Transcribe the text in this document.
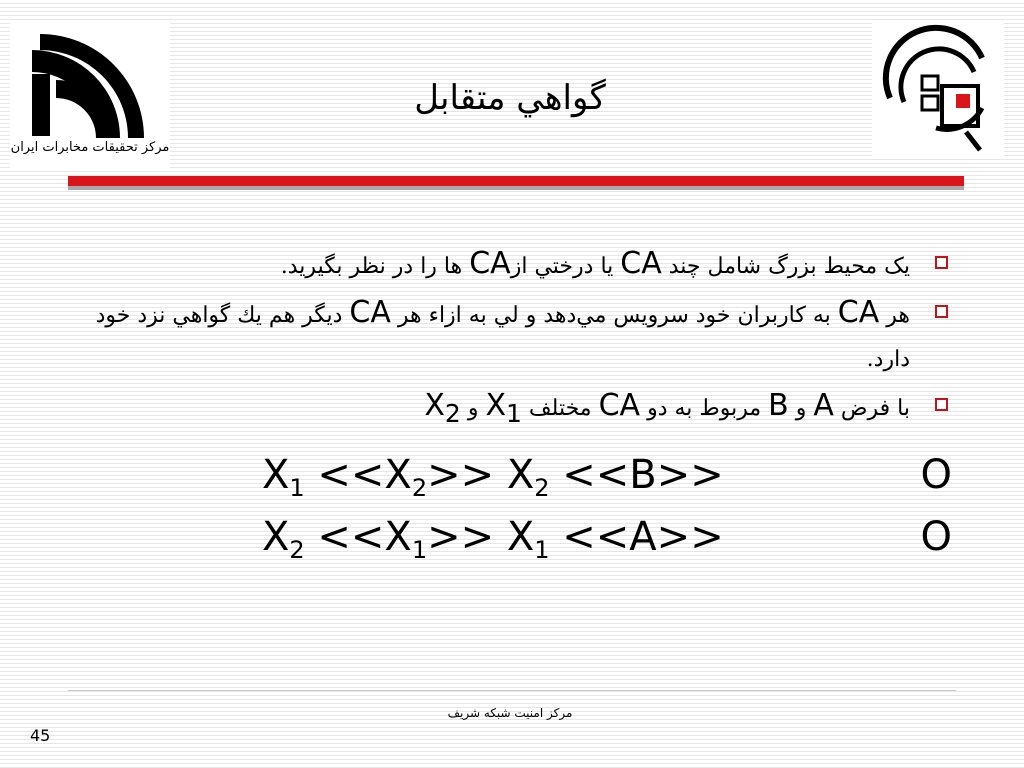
مرکز تحقیقات مخابرات ایران
گواهي متقابل
يک محيط بزرگ شامل چند CA يا درختي ازCA ها را در نظر بگيريد.
هر CA به کاربران خود سرويس مي‌دهد و لي به ازاء هر CA ديگر هم يك گواهي نزد خود دارد.
با فرض A و B مربوط به دو CA مختلف $X_1$ و $X_2$
$X_1 <<X_2>> X_2 <<B>>$	O
$X_2 <<X_1>> X_1 <<A>>$	O
مرکز امنيت شبکه شريف
45
